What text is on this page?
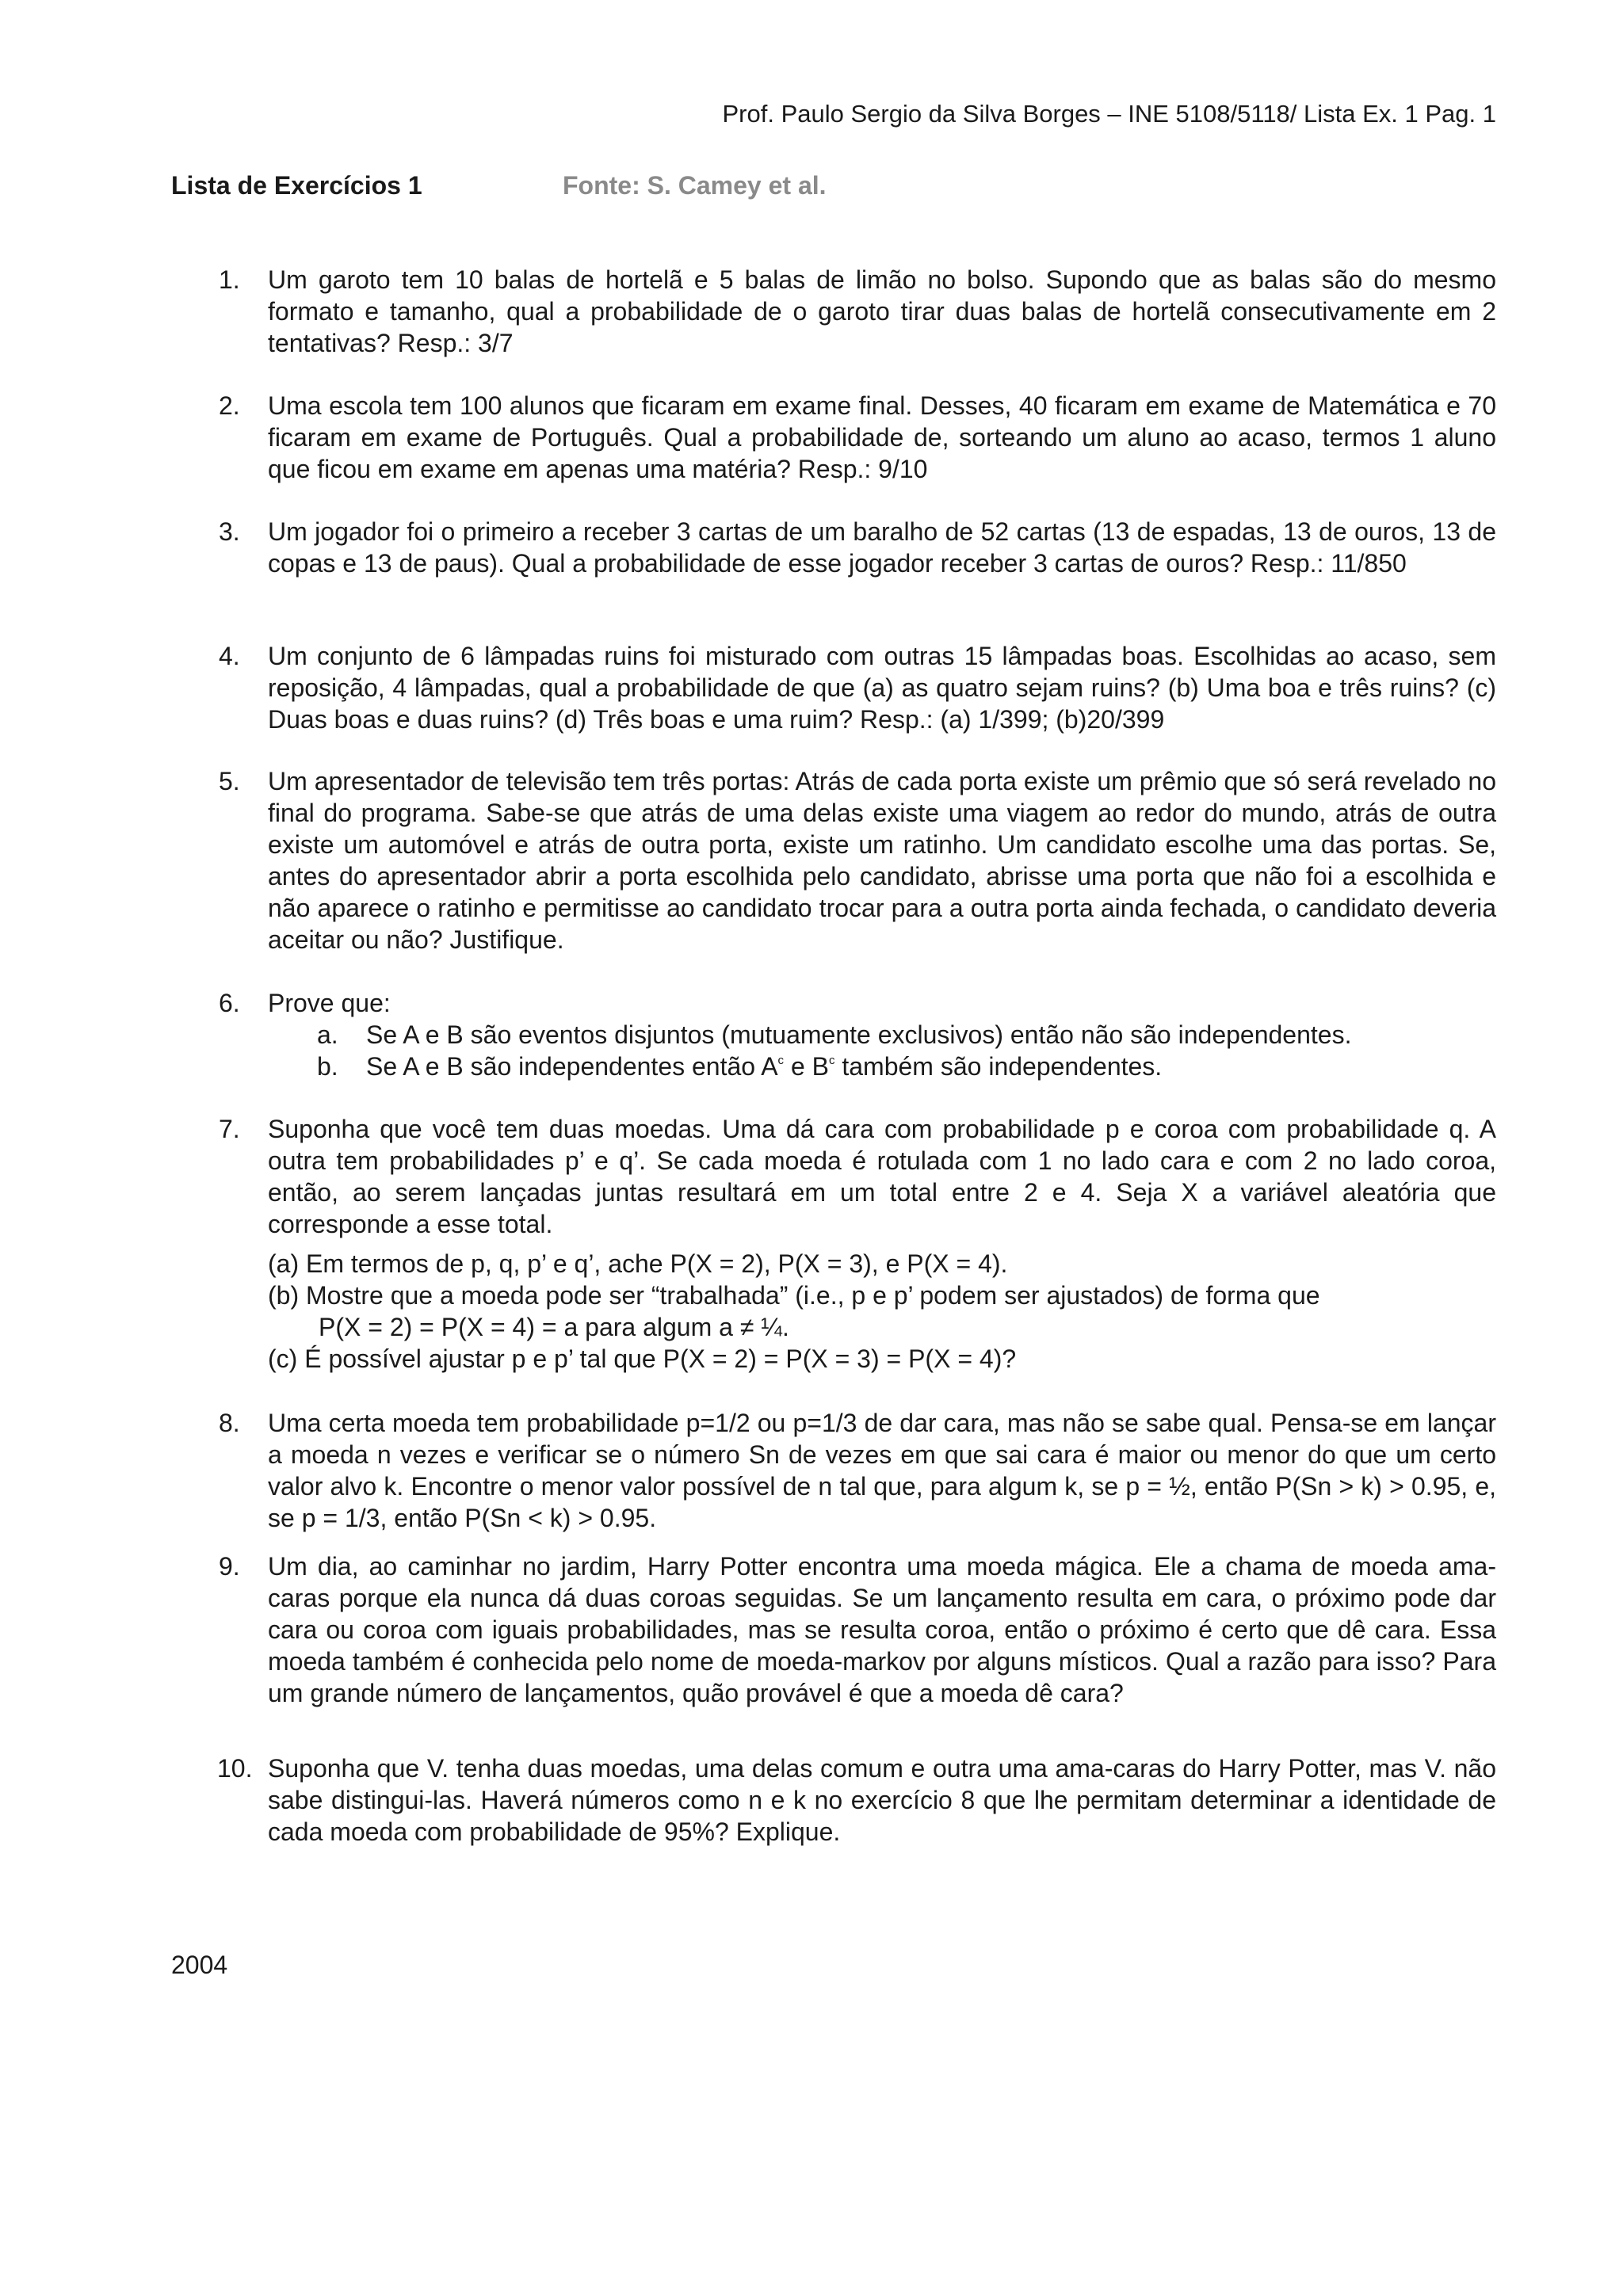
Prof. Paulo Sergio da Silva Borges – INE 5108/5118/ Lista Ex. 1 Pag. 1
Lista de Exercícios 1	Fonte: S. Camey et al.
1. Um garoto tem 10 balas de hortelã e 5 balas de limão no bolso. Supondo que as balas são do mesmo formato e tamanho, qual a probabilidade de o garoto tirar duas balas de hortelã consecutivamente em 2 tentativas? Resp.: 3/7
2. Uma escola tem 100 alunos que ficaram em exame final. Desses, 40 ficaram em exame de Matemática e 70 ficaram em exame de Português. Qual a probabilidade de, sorteando um aluno ao acaso, termos 1 aluno que ficou em exame em apenas uma matéria? Resp.: 9/10
3. Um jogador foi o primeiro a receber 3 cartas de um baralho de 52 cartas (13 de espadas, 13 de ouros, 13 de copas e 13 de paus). Qual a probabilidade de esse jogador receber 3 cartas de ouros? Resp.: 11/850
4. Um conjunto de 6 lâmpadas ruins foi misturado com outras 15 lâmpadas boas. Escolhidas ao acaso, sem reposição, 4 lâmpadas, qual a probabilidade de que (a) as quatro sejam ruins? (b) Uma boa e três ruins? (c) Duas boas e duas ruins? (d) Três boas e uma ruim? Resp.: (a) 1/399; (b)20/399
5. Um apresentador de televisão tem três portas: Atrás de cada porta existe um prêmio que só será revelado no final do programa. Sabe-se que atrás de uma delas existe uma viagem ao redor do mundo, atrás de outra existe um automóvel e atrás de outra porta, existe um ratinho. Um candidato escolhe uma das portas. Se, antes do apresentador abrir a porta escolhida pelo candidato, abrisse uma porta que não foi a escolhida e não aparece o ratinho e permitisse ao candidato trocar para a outra porta ainda fechada, o candidato deveria aceitar ou não? Justifique.
6. Prove que:
a. Se A e B são eventos disjuntos (mutuamente exclusivos) então não são independentes.
b. Se A e B são independentes então $A^c$ e $B^c$ também são independentes.
7. Suponha que você tem duas moedas. Uma dá cara com probabilidade p e coroa com probabilidade q. A outra tem probabilidades p’ e q’. Se cada moeda é rotulada com 1 no lado cara e com 2 no lado coroa, então, ao serem lançadas juntas resultará em um total entre 2 e 4. Seja X a variável aleatória que corresponde a esse total.
(a) Em termos de p, q, p’ e q’, ache P(X = 2), P(X = 3), e P(X = 4).
(b) Mostre que a moeda pode ser “trabalhada” (i.e., p e p’ podem ser ajustados) de forma que
P(X = 2) = P(X = 4) = a para algum a ≠ ¼.
(c) É possível ajustar p e p’ tal que P(X = 2) = P(X = 3) = P(X = 4)?
8. Uma certa moeda tem probabilidade p=1/2 ou p=1/3 de dar cara, mas não se sabe qual. Pensa-se em lançar a moeda n vezes e verificar se o número Sn de vezes em que sai cara é maior ou menor do que um certo valor alvo k. Encontre o menor valor possível de n tal que, para algum k, se p = ½, então P(Sn > k) > 0.95, e, se p = 1/3, então P(Sn < k) > 0.95.
9. Um dia, ao caminhar no jardim, Harry Potter encontra uma moeda mágica. Ele a chama de moeda ama-caras porque ela nunca dá duas coroas seguidas. Se um lançamento resulta em cara, o próximo pode dar cara ou coroa com iguais probabilidades, mas se resulta coroa, então o próximo é certo que dê cara. Essa moeda também é conhecida pelo nome de moeda-markov por alguns místicos. Qual a razão para isso? Para um grande número de lançamentos, quão provável é que a moeda dê cara?
10. Suponha que V. tenha duas moedas, uma delas comum e outra uma ama-caras do Harry Potter, mas V. não sabe distingui-las. Haverá números como n e k no exercício 8 que lhe permitam determinar a identidade de cada moeda com probabilidade de 95%? Explique.
2004
